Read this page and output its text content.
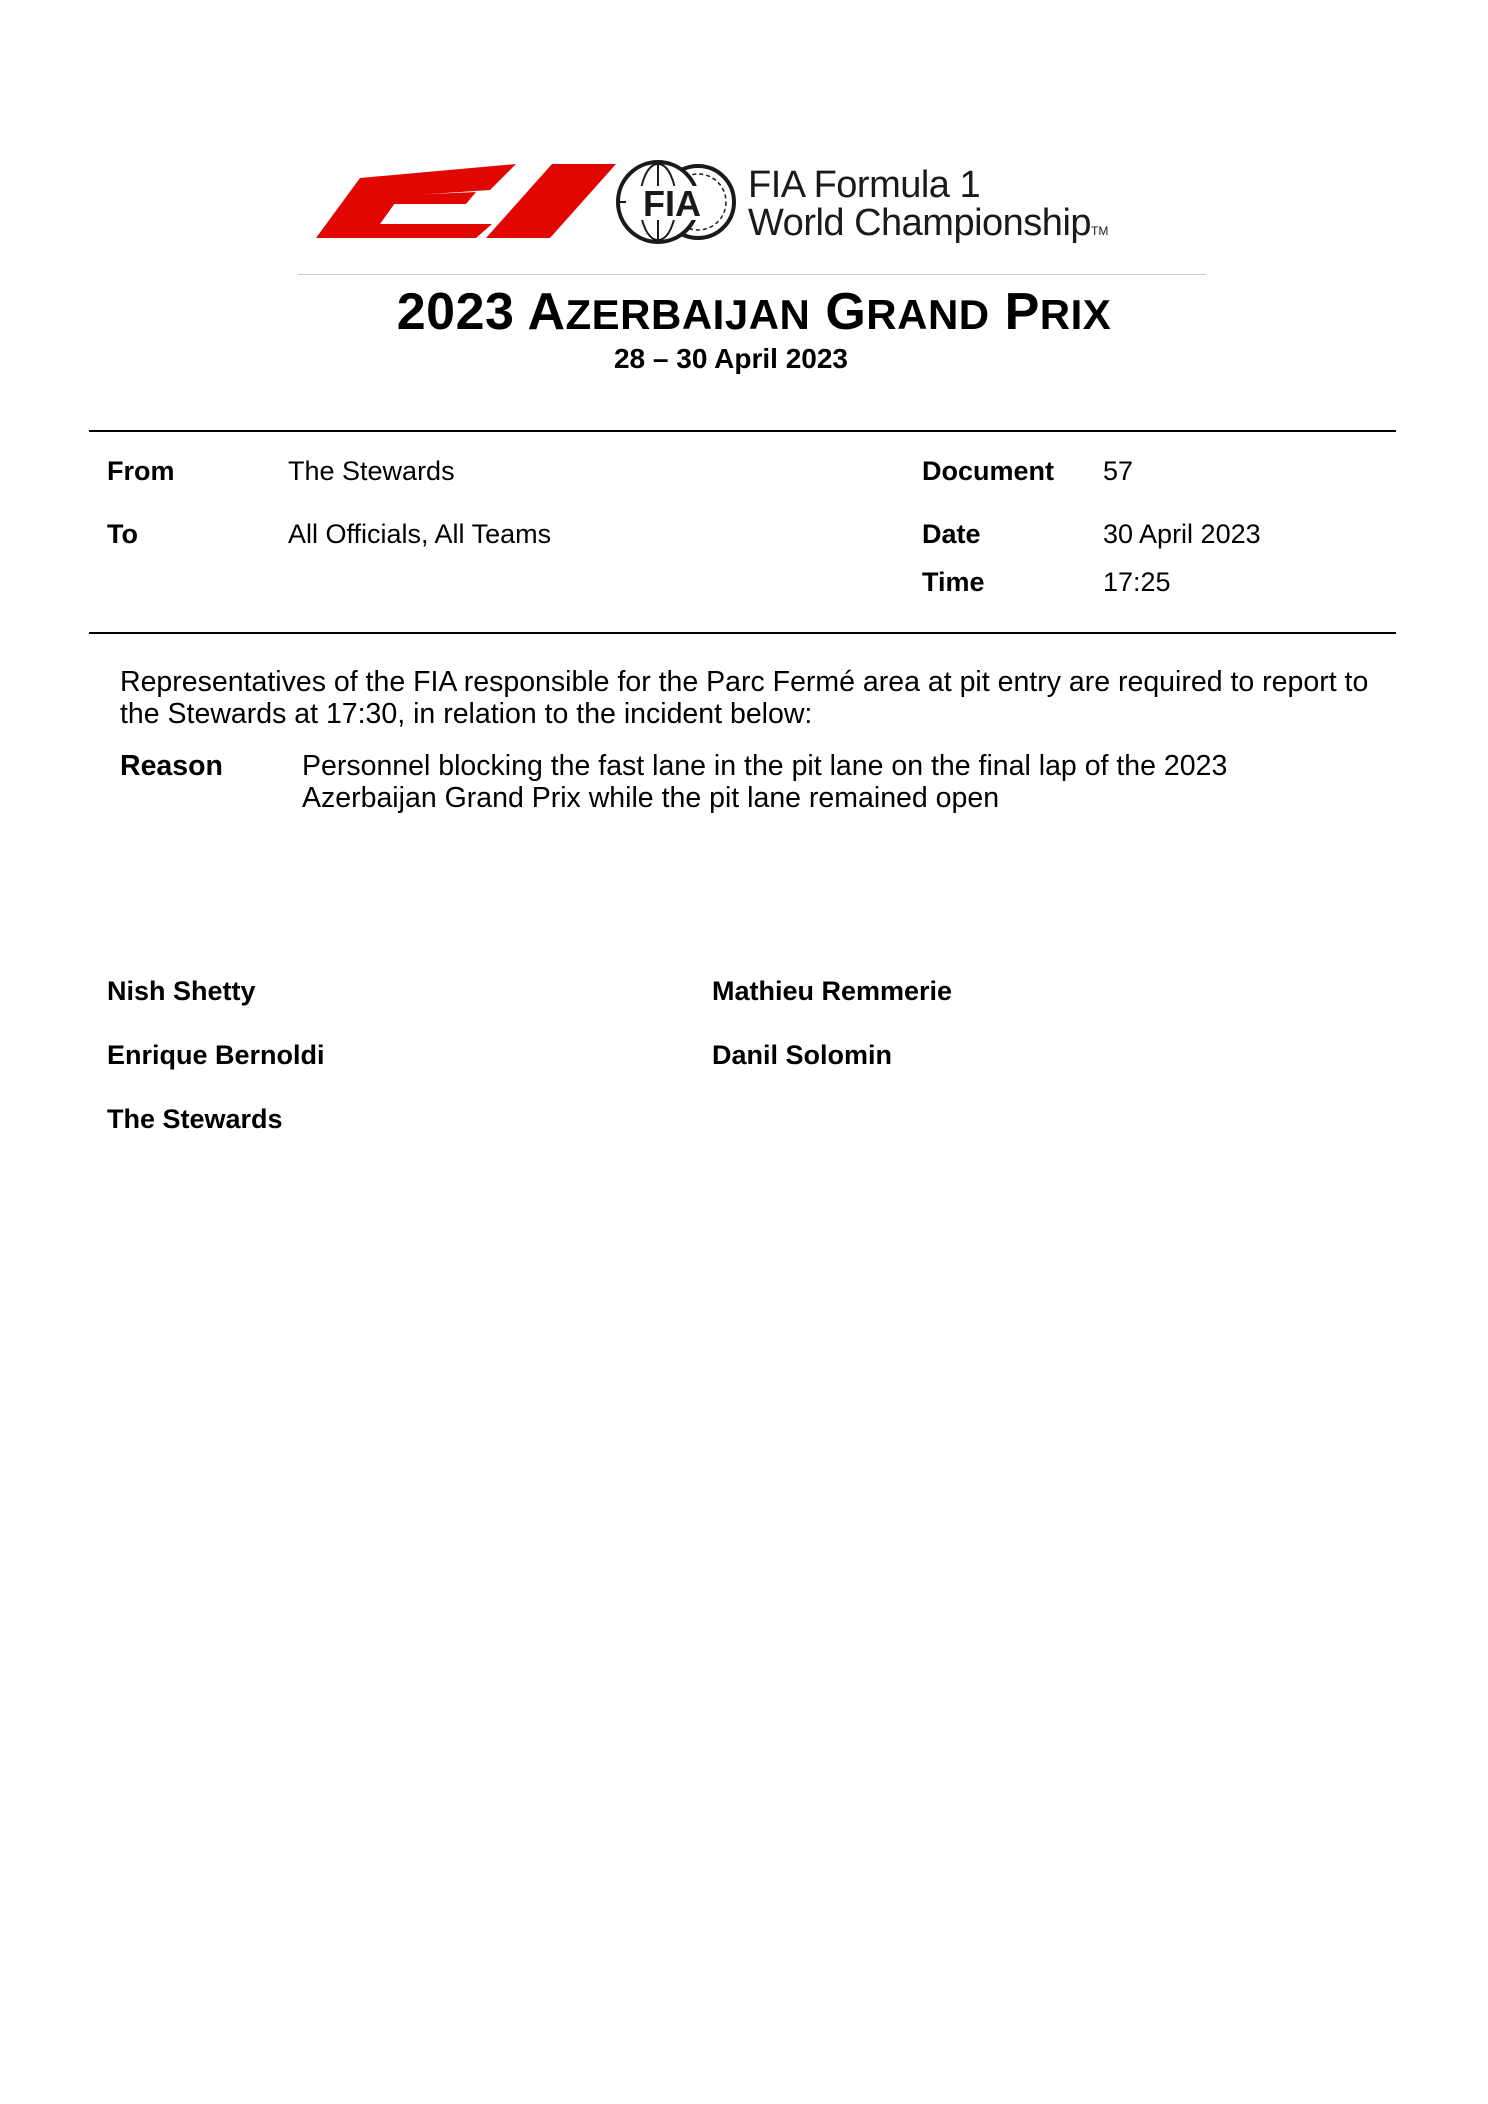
FIA FIA Formula 1
World ChampionshipTM
2023 AZERBAIJAN GRAND PRIX
28 – 30 April 2023
From	The Stewards	Document 57
To	All Officials, All Teams	Date	30 April 2023
Time	17:25
Representatives of the FIA responsible for the Parc Fermé area at pit entry are required to report to
the Stewards at 17:30, in relation to the incident below:
Reason	Personnel blocking the fast lane in the pit lane on the final lap of the 2023
Azerbaijan Grand Prix while the pit lane remained open
Nish Shetty	Mathieu Remmerie
Enrique Bernoldi	Danil Solomin
The Stewards
